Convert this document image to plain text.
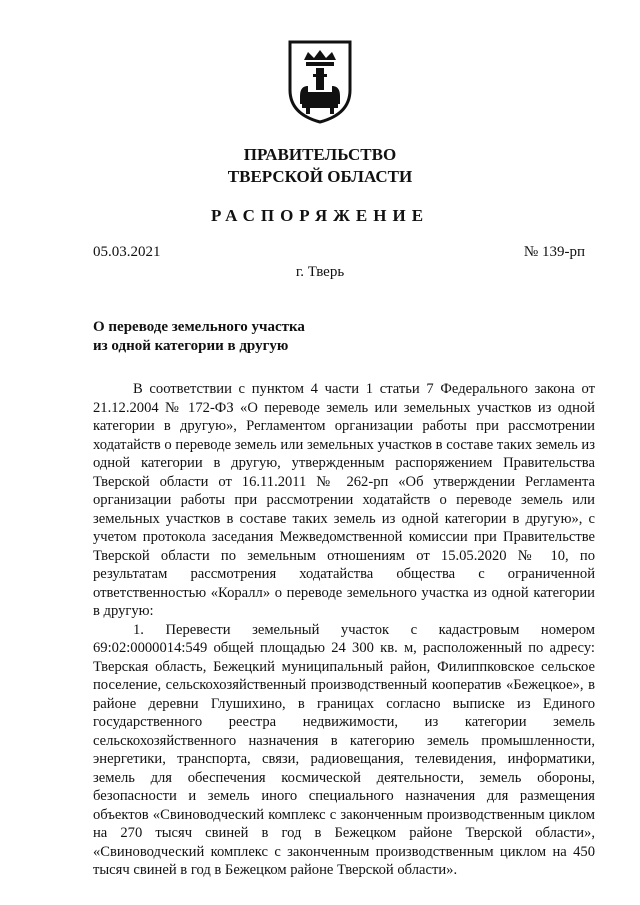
ПРАВИТЕЛЬСТВО
ТВЕРСКОЙ ОБЛАСТИ
РАСПОРЯЖЕНИЕ
05.03.2021	№ 139-рп
г. Тверь
О переводе земельного участка
из одной категории в другую

В соответствии с пунктом 4 части 1 статьи 7 Федерального закона от 21.12.2004 № 172-ФЗ «О переводе земель или земельных участков из одной категории в другую», Регламентом организации работы при рассмотрении ходатайств о переводе земель или земельных участков в составе таких земель из одной категории в другую, утвержденным распоряжением Правительства Тверской области от 16.11.2011 № 262-рп «Об утверждении Регламента организации работы при рассмотрении ходатайств о переводе земель или земельных участков в составе таких земель из одной категории в другую», с учетом протокола заседания Межведомственной комиссии при Правительстве Тверской области по земельным отношениям от 15.05.2020 № 10, по результатам рассмотрения ходатайства общества с ограниченной ответственностью «Коралл» о переводе земельного участка из одной категории в другую:

1. Перевести земельный участок с кадастровым номером 69:02:0000014:549 общей площадью 24 300 кв. м, расположенный по адресу: Тверская область, Бежецкий муниципальный район, Филиппковское сельское поселение, сельскохозяйственный производственный кооператив «Бежецкое», в районе деревни Глушихино, в границах согласно выписке из Единого государственного реестра недвижимости, из категории земель сельскохозяйственного назначения в категорию земель промышленности, энергетики, транспорта, связи, радиовещания, телевидения, информатики, земель для обеспечения космической деятельности, земель обороны, безопасности и земель иного специального назначения для размещения объектов «Свиноводческий комплекс с законченным производственным циклом на 270 тысяч свиней в год в Бежецком районе Тверской области», «Свиноводческий комплекс с законченным производственным циклом на 450 тысяч свиней в год в Бежецком районе Тверской области».
